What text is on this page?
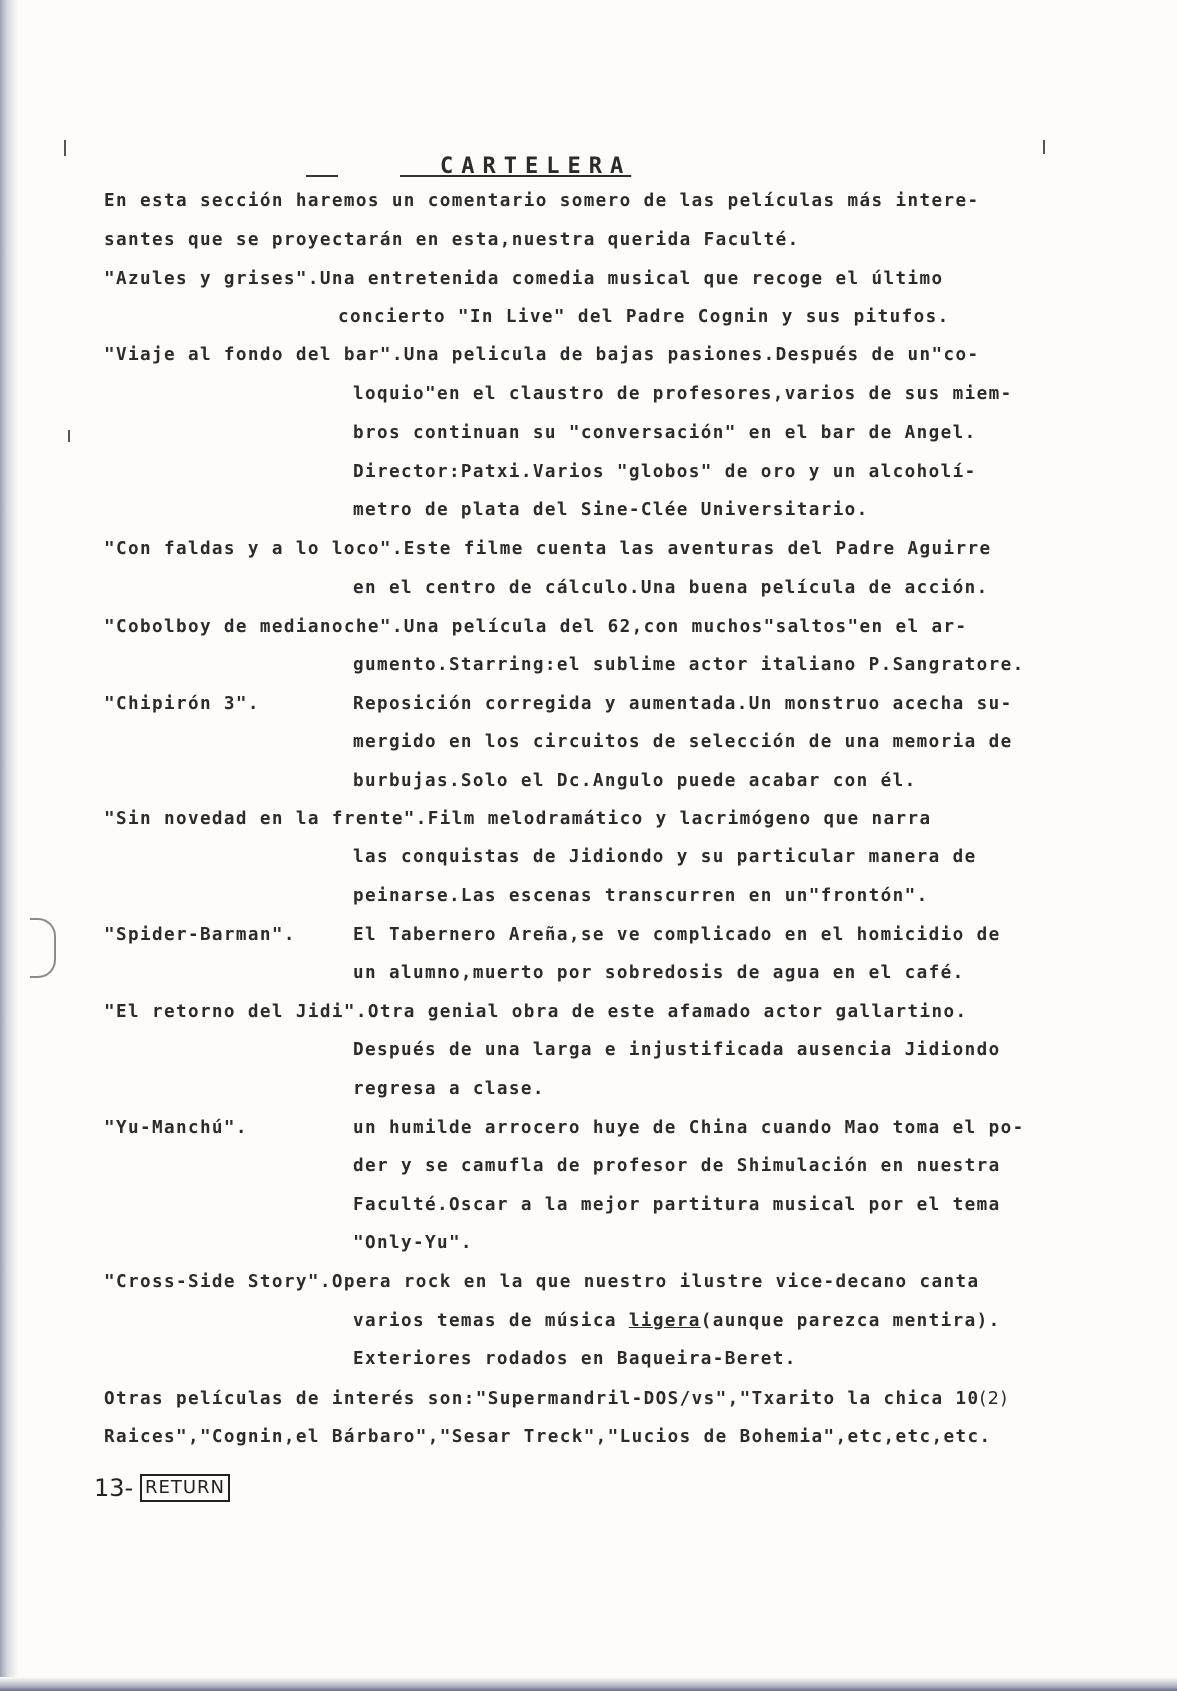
CARTELERA
En esta sección haremos un comentario somero de las películas más intere-
santes que se proyectarán en esta,nuestra querida Faculté.
"Azules y grises".Una entretenida comedia musical que recoge el último
concierto "In Live" del Padre Cognin y sus pitufos.
"Viaje al fondo del bar".Una pelicula de bajas pasiones.Después de un"co-
loquio"en el claustro de profesores,varios de sus miem-
bros continuan su "conversación" en el bar de Angel.
Director:Patxi.Varios "globos" de oro y un alcoholí-
metro de plata del Sine-Clée Universitario.
"Con faldas y a lo loco".Este filme cuenta las aventuras del Padre Aguirre
en el centro de cálculo.Una buena película de acción.
"Cobolboy de medianoche".Una película del 62,con muchos"saltos"en el ar-
gumento.Starring:el sublime actor italiano P.Sangratore.
"Chipirón 3".	Reposición corregida y aumentada.Un monstruo acecha su-
mergido en los circuitos de selección de una memoria de
burbujas.Solo el Dc.Angulo puede acabar con él.
"Sin novedad en la frente".Film melodramático y lacrimógeno que narra
las conquistas de Jidiondo y su particular manera de
peinarse.Las escenas transcurren en un"frontón".
"Spider-Barman".	El Tabernero Areña,se ve complicado en el homicidio de
un alumno,muerto por sobredosis de agua en el café.
"El retorno del Jidi".Otra genial obra de este afamado actor gallartino.
Después de una larga e injustificada ausencia Jidiondo
regresa a clase.
"Yu-Manchú".	un humilde arrocero huye de China cuando Mao toma el po-
der y se camufla de profesor de Shimulación en nuestra
Faculté.Oscar a la mejor partitura musical por el tema
"Only-Yu".
"Cross-Side Story".Opera rock en la que nuestro ilustre vice-decano canta
varios temas de música ligera(aunque parezca mentira).
Exteriores rodados en Baqueira-Beret.
Otras películas de interés son:"Supermandril-DOS/vs","Txarito la chica 10(2)
Raices","Cognin,el Bárbaro","Sesar Treck","Lucios de Bohemia",etc,etc,etc.
13- RETURN
